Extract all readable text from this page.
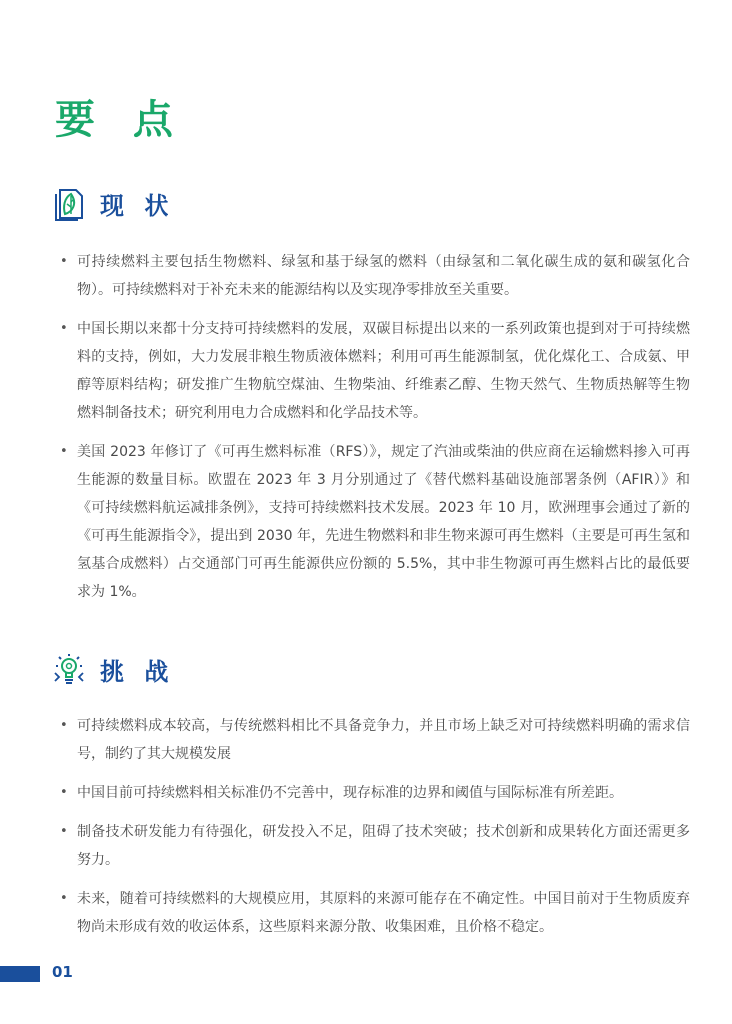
要 点
现 状
• 可持续燃料主要包括生物燃料、绿氢和基于绿氢的燃料（由绿氢和二氧化碳生成的氨和碳氢化合物）。可持续燃料对于补充未来的能源结构以及实现净零排放至关重要。
• 中国长期以来都十分支持可持续燃料的发展，双碳目标提出以来的一系列政策也提到对于可持续燃料的支持，例如，大力发展非粮生物质液体燃料；利用可再生能源制氢，优化煤化工、合成氨、甲醇等原料结构；研发推广生物航空煤油、生物柴油、纤维素乙醇、生物天然气、生物质热解等生物燃料制备技术；研究利用电力合成燃料和化学品技术等。
• 美国 2023 年修订了《可再生燃料标准（RFS）》，规定了汽油或柴油的供应商在运输燃料掺入可再生能源的数量目标。欧盟在 2023 年 3 月分别通过了《替代燃料基础设施部署条例（AFIR）》和《可持续燃料航运减排条例》，支持可持续燃料技术发展。2023 年 10 月，欧洲理事会通过了新的《可再生能源指令》，提出到 2030 年，先进生物燃料和非生物来源可再生燃料（主要是可再生氢和氢基合成燃料）占交通部门可再生能源供应份额的 5.5%，其中非生物源可再生燃料占比的最低要求为 1%。
挑 战
• 可持续燃料成本较高，与传统燃料相比不具备竞争力，并且市场上缺乏对可持续燃料明确的需求信号，制约了其大规模发展
• 中国目前可持续燃料相关标准仍不完善中，现存标准的边界和阈值与国际标准有所差距。
• 制备技术研发能力有待强化，研发投入不足，阻碍了技术突破；技术创新和成果转化方面还需更多努力。
• 未来，随着可持续燃料的大规模应用，其原料的来源可能存在不确定性。中国目前对于生物质废弃物尚未形成有效的收运体系，这些原料来源分散、收集困难，且价格不稳定。
01
